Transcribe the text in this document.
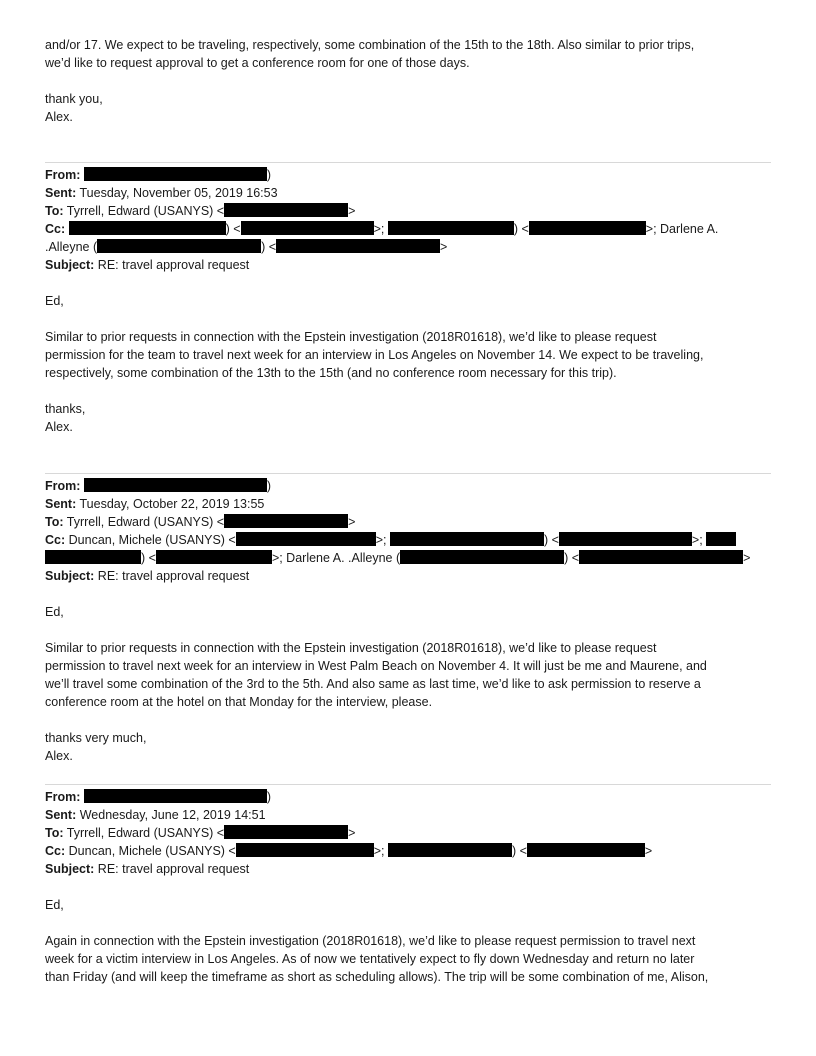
and/or 17. We expect to be traveling, respectively, some combination of the 15th to the 18th. Also similar to prior trips,
we’d like to request approval to get a conference room for one of those days.
thank you,
Alex.
From:	)
Sent: Tuesday, November 05, 2019 16:53
To: Tyrrell, Edward (USANYS) <	>
Cc:	) <	>;	) <	>; Darlene A.
.Alleyne (	) <	>
Subject: RE: travel approval request
Ed,
Similar to prior requests in connection with the Epstein investigation (2018R01618), we’d like to please request
permission for the team to travel next week for an interview in Los Angeles on November 14. We expect to be traveling,
respectively, some combination of the 13th to the 15th (and no conference room necessary for this trip).
thanks,
Alex.
From:	)
Sent: Tuesday, October 22, 2019 13:55
To: Tyrrell, Edward (USANYS) <	>
Cc: Duncan, Michele (USANYS) <	>;	) <	>;
) <	>; Darlene A. .Alleyne (	) <	>
Subject: RE: travel approval request
Ed,
Similar to prior requests in connection with the Epstein investigation (2018R01618), we’d like to please request
permission to travel next week for an interview in West Palm Beach on November 4. It will just be me and Maurene, and
we’ll travel some combination of the 3rd to the 5th. And also same as last time, we’d like to ask permission to reserve a
conference room at the hotel on that Monday for the interview, please.
thanks very much,
Alex.
From:	)
Sent: Wednesday, June 12, 2019 14:51
To: Tyrrell, Edward (USANYS) <	>
Cc: Duncan, Michele (USANYS) <	>;	) <	>
Subject: RE: travel approval request
Ed,
Again in connection with the Epstein investigation (2018R01618), we’d like to please request permission to travel next
week for a victim interview in Los Angeles. As of now we tentatively expect to fly down Wednesday and return no later
than Friday (and will keep the timeframe as short as scheduling allows). The trip will be some combination of me, Alison,
